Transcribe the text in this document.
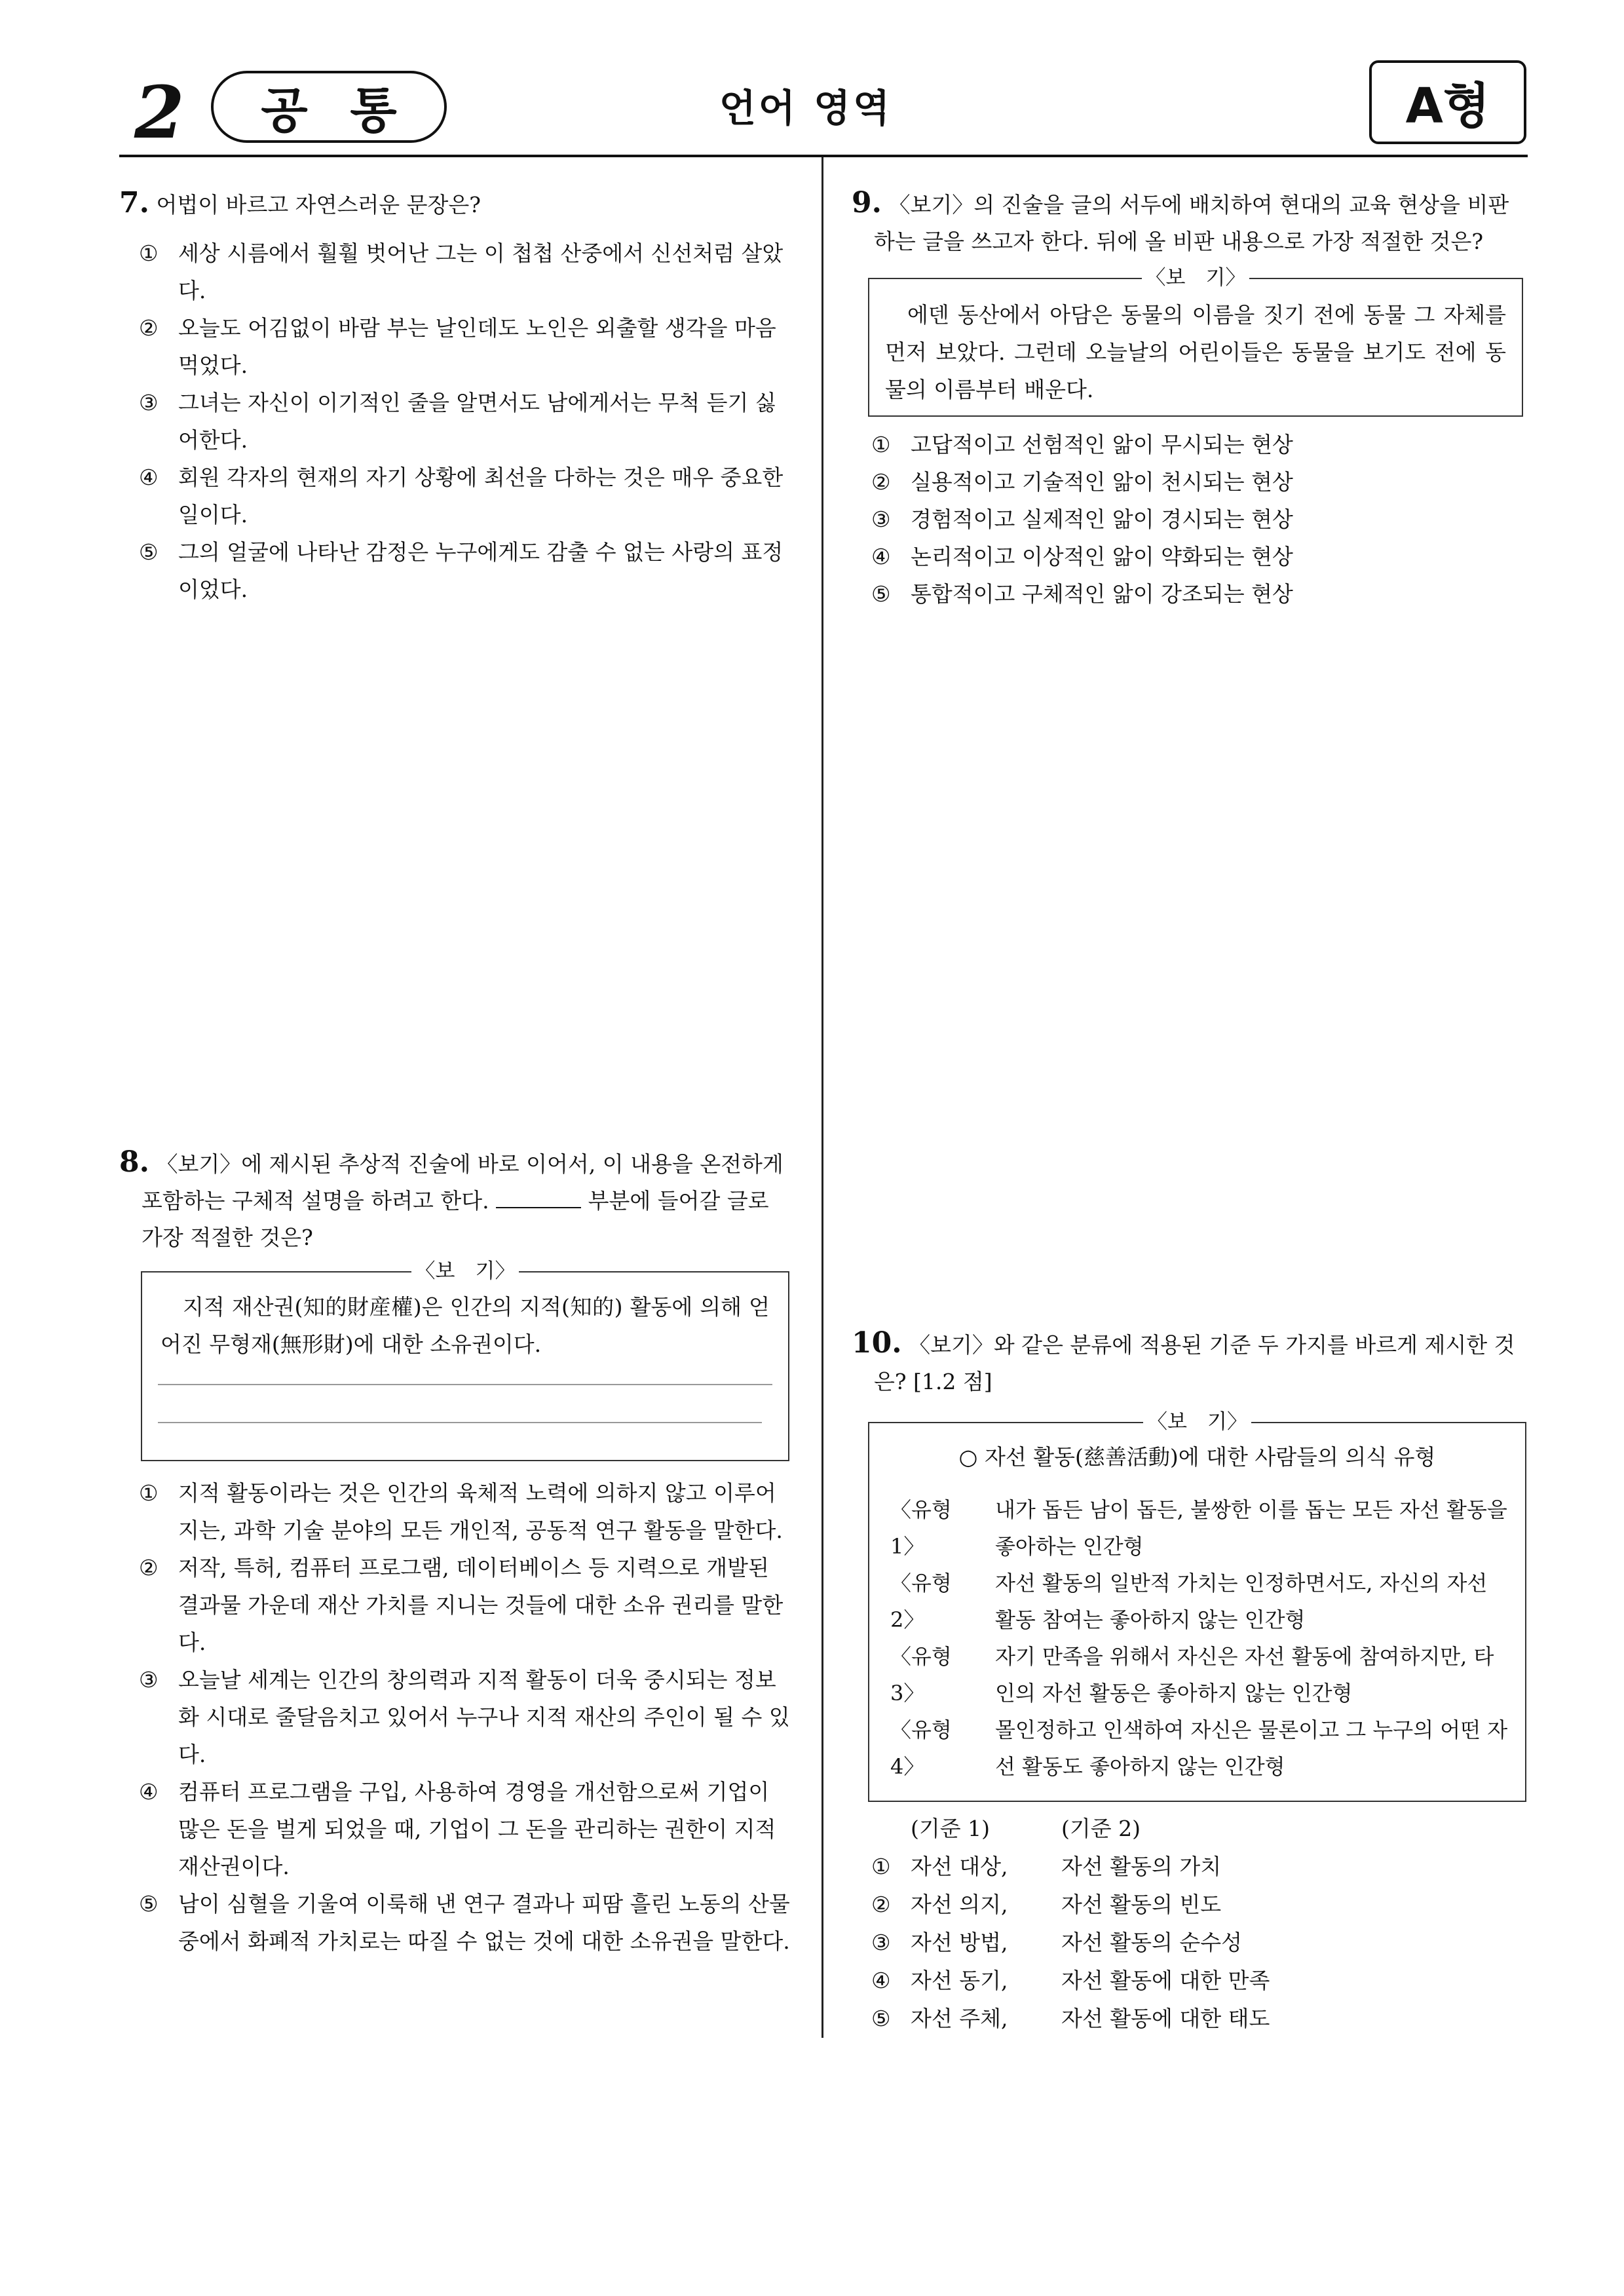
2 공 통	언어 영역	A형
7. 어법이 바르고 자연스러운 문장은?
① 세상 시름에서 훨훨 벗어난 그는 이 첩첩 산중에서 신선처럼 살았다.
② 오늘도 어김없이 바람 부는 날인데도 노인은 외출할 생각을 마음먹었다.
③ 그녀는 자신이 이기적인 줄을 알면서도 남에게서는 무척 듣기 싫어한다.
④ 회원 각자의 현재의 자기 상황에 최선을 다하는 것은 매우 중요한 일이다.
⑤ 그의 얼굴에 나타난 감정은 누구에게도 감출 수 없는 사랑의 표정이었다.
8. 〈보기〉에 제시된 추상적 진술에 바로 이어서, 이 내용을 온전하게 포함하는 구체적 설명을 하려고 한다.	부분에 들어갈 글로 가장 적절한 것은?
〈보　기〉
지적 재산권(知的財産權)은 인간의 지적(知的) 활동에 의해 얻어진 무형재(無形財)에 대한 소유권이다.
① 지적 활동이라는 것은 인간의 육체적 노력에 의하지 않고 이루어지는, 과학 기술 분야의 모든 개인적, 공동적 연구 활동을 말한다.
② 저작, 특허, 컴퓨터 프로그램, 데이터베이스 등 지력으로 개발된 결과물 가운데 재산 가치를 지니는 것들에 대한 소유 권리를 말한다.
③ 오늘날 세계는 인간의 창의력과 지적 활동이 더욱 중시되는 정보화 시대로 줄달음치고 있어서 누구나 지적 재산의 주인이 될 수 있다.
④ 컴퓨터 프로그램을 구입, 사용하여 경영을 개선함으로써 기업이 많은 돈을 벌게 되었을 때, 기업이 그 돈을 관리하는 권한이 지적 재산권이다.
⑤ 남이 심혈을 기울여 이룩해 낸 연구 결과나 피땀 흘린 노동의 산물 중에서 화폐적 가치로는 따질 수 없는 것에 대한 소유권을 말한다.
9. 〈보기〉의 진술을 글의 서두에 배치하여 현대의 교육 현상을 비판하는 글을 쓰고자 한다. 뒤에 올 비판 내용으로 가장 적절한 것은?
〈보　기〉
에덴 동산에서 아담은 동물의 이름을 짓기 전에 동물 그 자체를 먼저 보았다. 그런데 오늘날의 어린이들은 동물을 보기도 전에 동물의 이름부터 배운다.
① 고답적이고 선험적인 앎이 무시되는 현상
② 실용적이고 기술적인 앎이 천시되는 현상
③ 경험적이고 실제적인 앎이 경시되는 현상
④ 논리적이고 이상적인 앎이 약화되는 현상
⑤ 통합적이고 구체적인 앎이 강조되는 현상
10. 〈보기〉와 같은 분류에 적용된 기준 두 가지를 바르게 제시한 것은? [1.2 점]
〈보　기〉
○ 자선 활동(慈善活動)에 대한 사람들의 의식 유형
〈유형　1〉
내가 돕든 남이 돕든, 불쌍한 이를 돕는 모든 자선 활동을 좋아하는 인간형
〈유형　2〉
자선 활동의 일반적 가치는 인정하면서도, 자신의 자선 활동 참여는 좋아하지 않는 인간형
〈유형　3〉
자기 만족을 위해서 자신은 자선 활동에 참여하지만, 타인의 자선 활동은 좋아하지 않는 인간형
〈유형　4〉
몰인정하고 인색하여 자신은 물론이고 그 누구의 어떤 자선 활동도 좋아하지 않는 인간형
(기준 1)	(기준 2)
① 자선 대상,	자선 활동의 가치
② 자선 의지,	자선 활동의 빈도
③ 자선 방법,	자선 활동의 순수성
④ 자선 동기,	자선 활동에 대한 만족
⑤ 자선 주체,	자선 활동에 대한 태도
